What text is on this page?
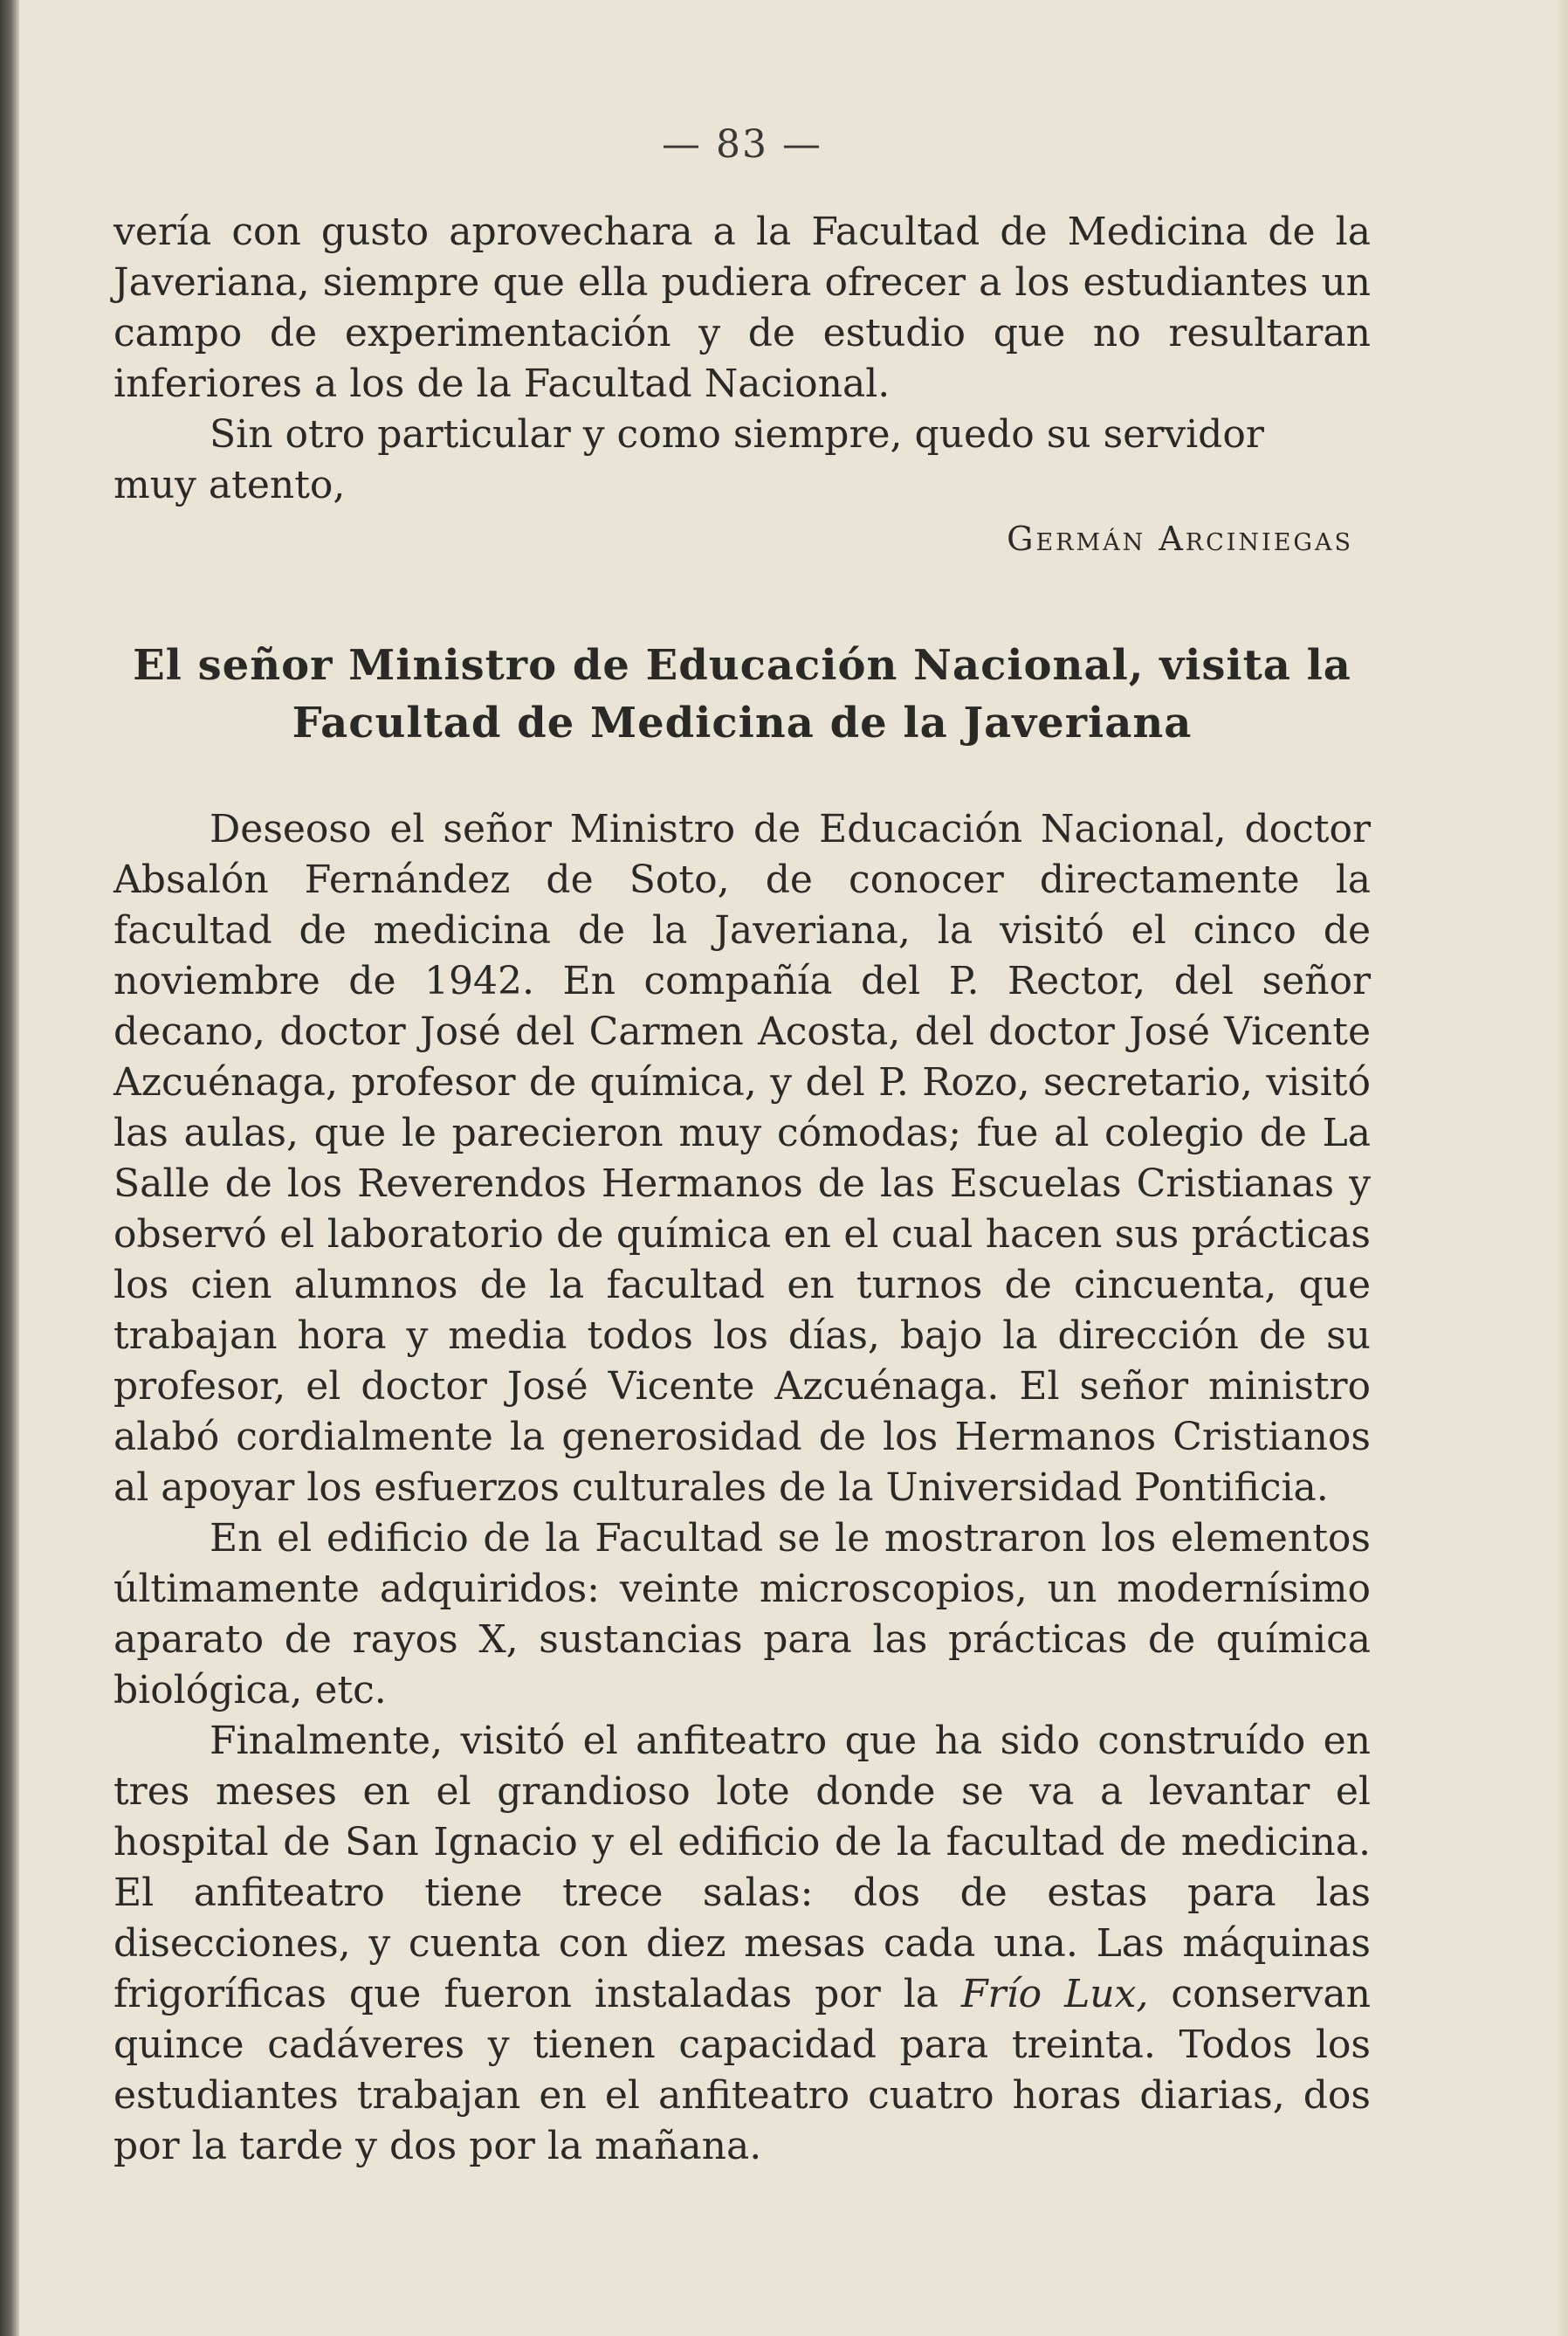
— 83 —

vería con gusto aprovechara a la Facultad de Medicina de la Javeriana, siempre que ella pudiera ofrecer a los estudiantes un campo de experimentación y de estudio que no resultaran inferiores a los de la Facultad Nacional.

Sin otro particular y como siempre, quedo su servidor

muy atento,

Germán Arciniegas
El señor Ministro de Educación Nacional, visita la
Facultad de Medicina de la Javeriana

Deseoso el señor Ministro de Educación Nacional, doctor Absalón Fernández de Soto, de conocer directamente la facultad de medicina de la Javeriana, la visitó el cinco de noviembre de 1942. En compañía del P. Rector, del señor decano, doctor José del Carmen Acosta, del doctor José Vicente Azcuénaga, profesor de química, y del P. Rozo, secretario, visitó las aulas, que le parecieron muy cómodas; fue al colegio de La Salle de los Reverendos Hermanos de las Escuelas Cristianas y observó el laboratorio de química en el cual hacen sus prácticas los cien alumnos de la facultad en turnos de cincuenta, que trabajan hora y media todos los días, bajo la dirección de su profesor, el doctor José Vicente Azcuénaga. El señor ministro alabó cordialmente la generosidad de los Hermanos Cristianos al apoyar los esfuerzos culturales de la Universidad Pontificia.

En el edificio de la Facultad se le mostraron los elementos últimamente adquiridos: veinte microscopios, un modernísimo aparato de rayos X, sustancias para las prácticas de química biológica, etc.

Finalmente, visitó el anfiteatro que ha sido construído en tres meses en el grandioso lote donde se va a levantar el hospital de San Ignacio y el edificio de la facultad de medicina. El anfiteatro tiene trece salas: dos de estas para las disecciones, y cuenta con diez mesas cada una. Las máquinas frigoríficas que fueron instaladas por la Frío Lux, conservan quince cadáveres y tienen capacidad para treinta. Todos los estudiantes trabajan en el anfiteatro cuatro horas diarias, dos por la tarde y dos por la mañana.
